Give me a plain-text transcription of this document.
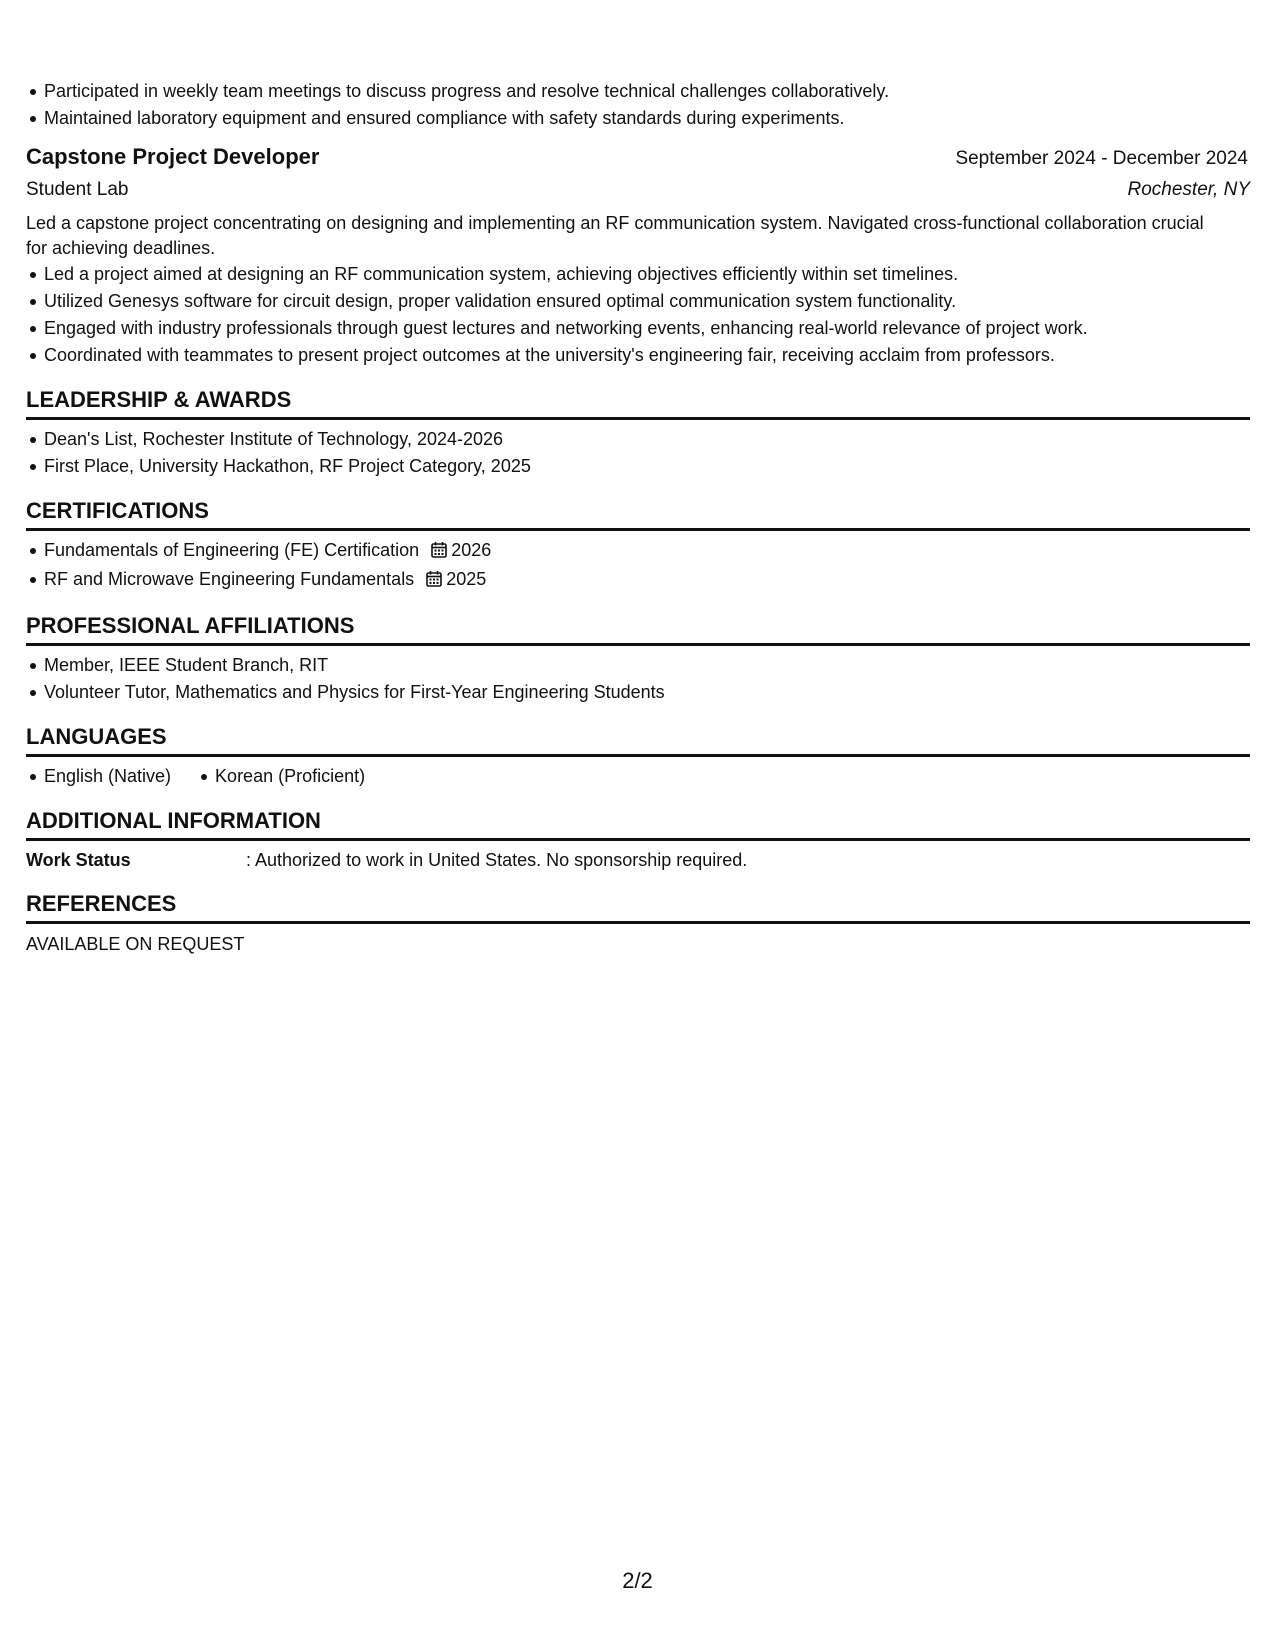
Participated in weekly team meetings to discuss progress and resolve technical challenges collaboratively.
Maintained laboratory equipment and ensured compliance with safety standards during experiments.
Capstone Project Developer	September 2024 - December 2024
Student Lab	Rochester, NY
Led a capstone project concentrating on designing and implementing an RF communication system. Navigated cross-functional collaboration crucial for achieving deadlines.
Led a project aimed at designing an RF communication system, achieving objectives efficiently within set timelines.
Utilized Genesys software for circuit design, proper validation ensured optimal communication system functionality.
Engaged with industry professionals through guest lectures and networking events, enhancing real-world relevance of project work.
Coordinated with teammates to present project outcomes at the university's engineering fair, receiving acclaim from professors.
LEADERSHIP & AWARDS
Dean's List, Rochester Institute of Technology, 2024-2026
First Place, University Hackathon, RF Project Category, 2025
CERTIFICATIONS
Fundamentals of Engineering (FE) Certification 2026
RF and Microwave Engineering Fundamentals 2025
PROFESSIONAL AFFILIATIONS
Member, IEEE Student Branch, RIT
Volunteer Tutor, Mathematics and Physics for First-Year Engineering Students
LANGUAGES
English (Native) Korean (Proficient)
ADDITIONAL INFORMATION
Work Status	: Authorized to work in United States. No sponsorship required.
REFERENCES
AVAILABLE ON REQUEST
2/2
